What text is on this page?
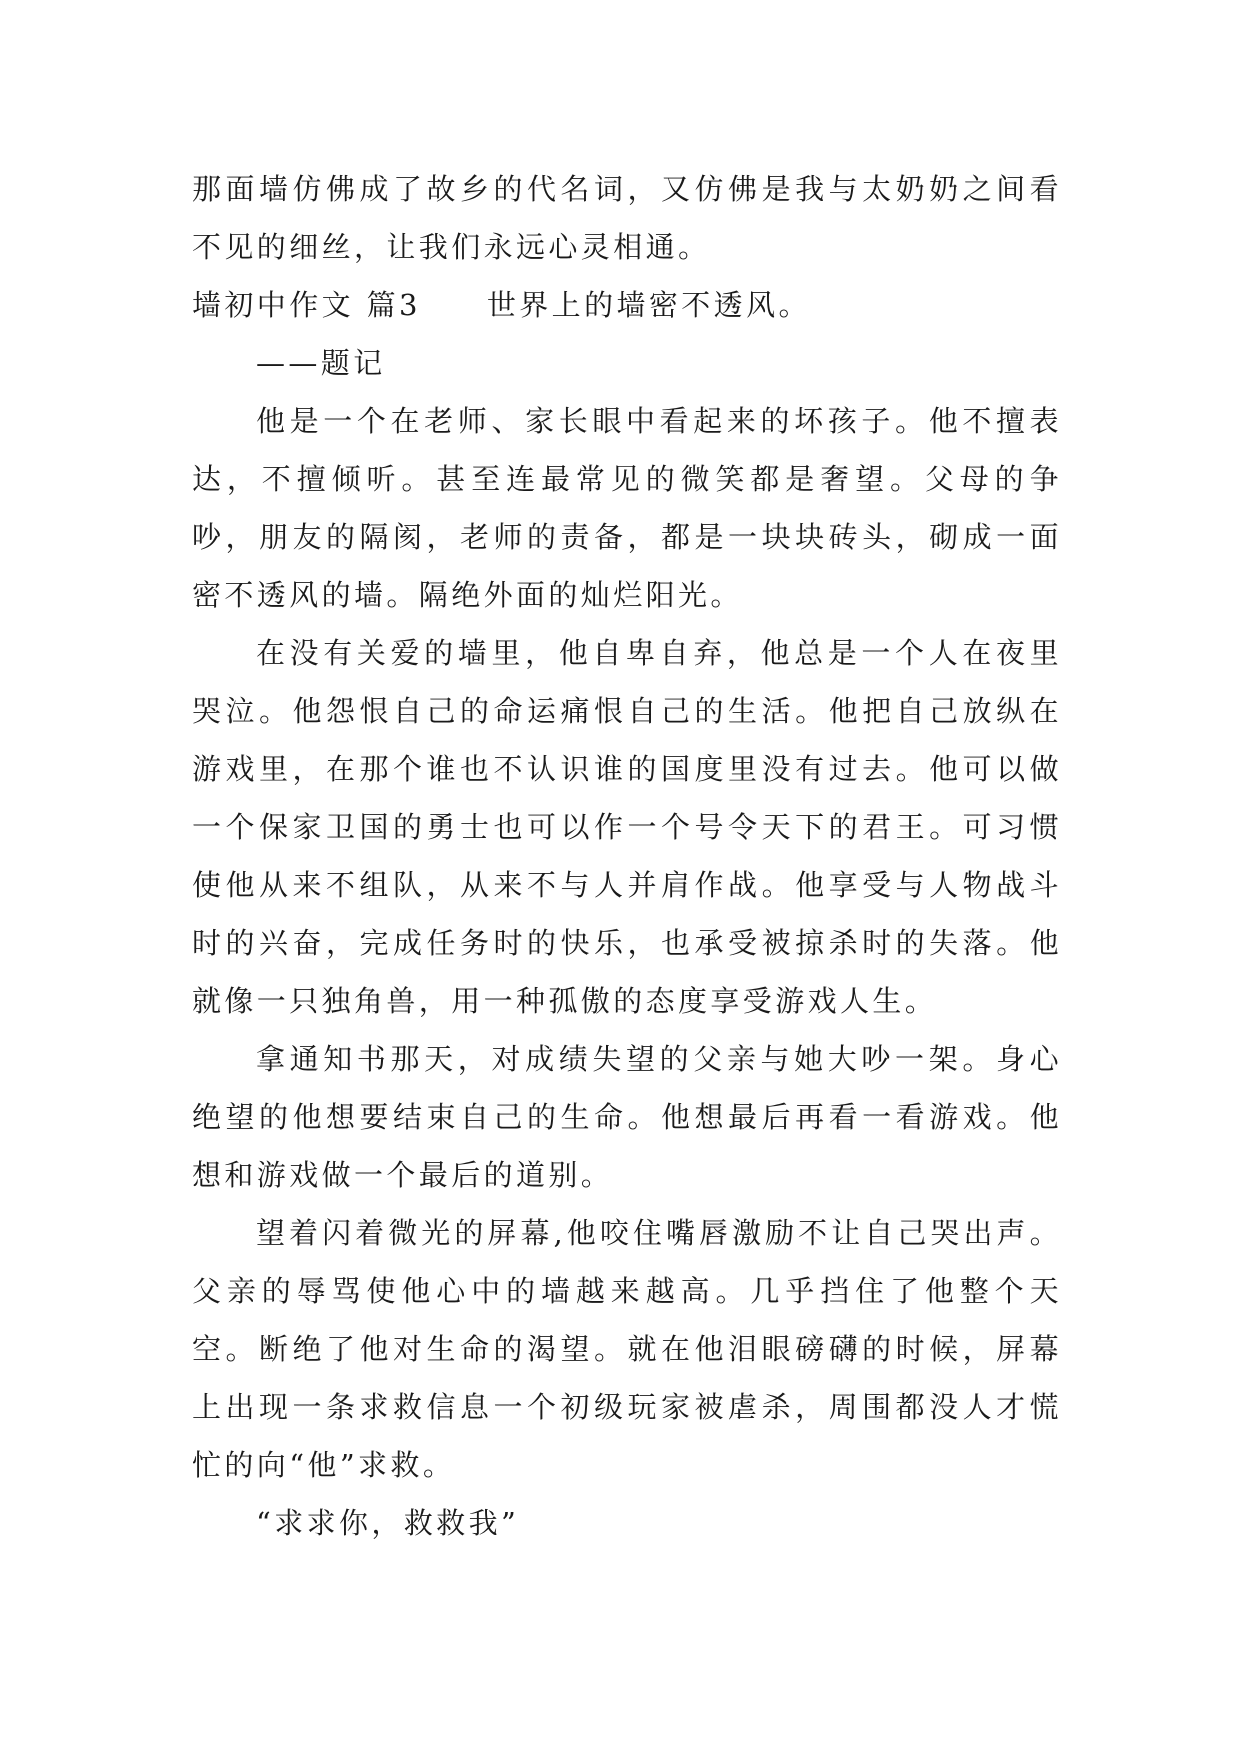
那面墙仿佛成了故乡的代名词，又仿佛是我与太奶奶之间看不见的细丝，让我们永远心灵相通。

墙初中作文 篇3 世界上的墙密不透风。

——题记

他是一个在老师、家长眼中看起来的坏孩子。他不擅表达，不擅倾听。甚至连最常见的微笑都是奢望。父母的争吵，朋友的隔阂，老师的责备，都是一块块砖头，砌成一面密不透风的墙。隔绝外面的灿烂阳光。

在没有关爱的墙里，他自卑自弃，他总是一个人在夜里哭泣。他怨恨自己的命运痛恨自己的生活。他把自己放纵在游戏里，在那个谁也不认识谁的国度里没有过去。他可以做一个保家卫国的勇士也可以作一个号令天下的君王。可习惯使他从来不组队，从来不与人并肩作战。他享受与人物战斗时的兴奋，完成任务时的快乐，也承受被掠杀时的失落。他就像一只独角兽，用一种孤傲的态度享受游戏人生。

拿通知书那天，对成绩失望的父亲与她大吵一架。身心绝望的他想要结束自己的生命。他想最后再看一看游戏。他想和游戏做一个最后的道别。

望着闪着微光的屏幕,他咬住嘴唇激励不让自己哭出声。父亲的辱骂使他心中的墙越来越高。几乎挡住了他整个天空。断绝了他对生命的渴望。就在他泪眼磅礴的时候，屏幕上出现一条求救信息一个初级玩家被虐杀，周围都没人才慌忙的向“他”求救。

“求求你，救救我”
